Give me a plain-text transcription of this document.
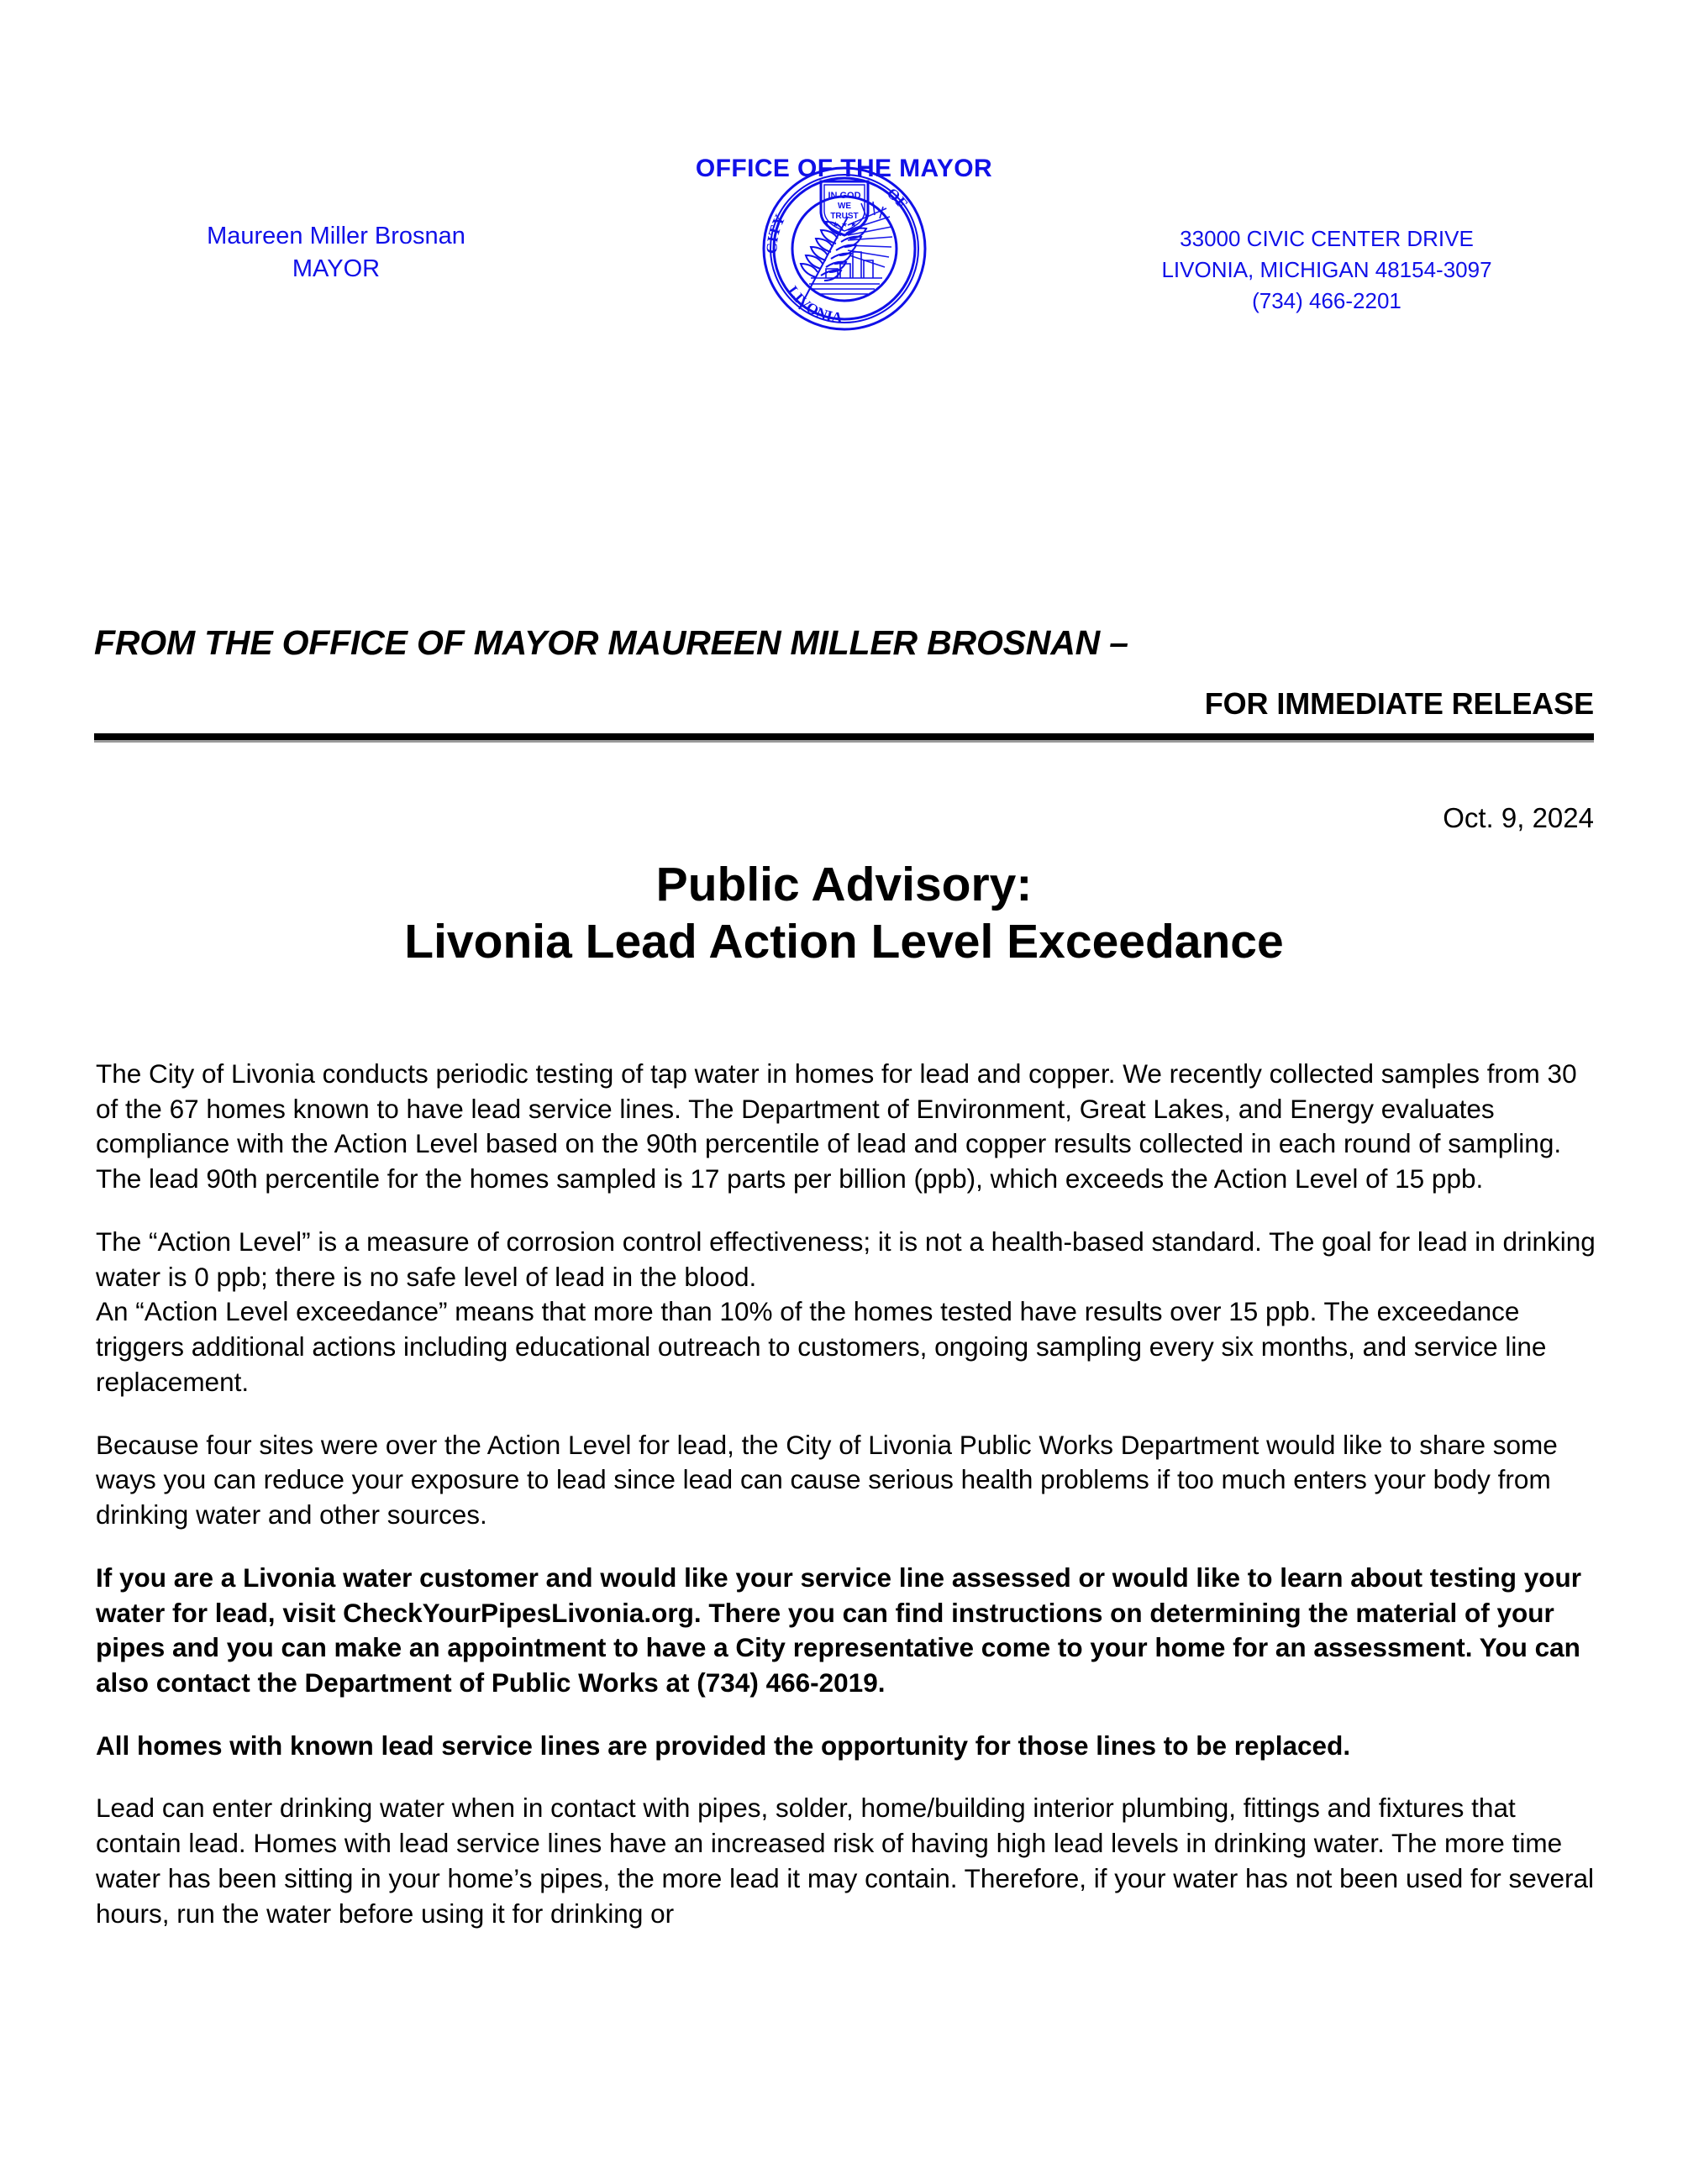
OFFICE OF THE MAYOR
Maureen Miller Brosnan
MAYOR
33000 CIVIC CENTER DRIVE
LIVONIA, MICHIGAN 48154-3097
(734) 466-2201
IN GOD
WE
TRUST
★ ★ ★
CITY
OF
LIVONIA
FROM THE OFFICE OF MAYOR MAUREEN MILLER BROSNAN –
FOR IMMEDIATE RELEASE
Oct. 9, 2024
Public Advisory:
Livonia Lead Action Level Exceedance

The City of Livonia conducts periodic testing of tap water in homes for lead and copper. We recently collected samples from 30 of the 67 homes known to have lead service lines. The Department of Environment, Great Lakes, and Energy evaluates compliance with the Action Level based on the 90th percentile of lead and copper results collected in each round of sampling. The lead 90th percentile for the homes sampled is 17 parts per billion (ppb), which exceeds the Action Level of 15 ppb.

The “Action Level” is a measure of corrosion control effectiveness; it is not a health-based standard. The goal for lead in drinking water is 0 ppb; there is no safe level of lead in the blood.

An “Action Level exceedance” means that more than 10% of the homes tested have results over 15 ppb. The exceedance triggers additional actions including educational outreach to customers, ongoing sampling every six months, and service line replacement.

Because four sites were over the Action Level for lead, the City of Livonia Public Works Department would like to share some ways you can reduce your exposure to lead since lead can cause serious health problems if too much enters your body from drinking water and other sources.

If you are a Livonia water customer and would like your service line assessed or would like to learn about testing your water for lead, visit CheckYourPipesLivonia.org. There you can find instructions on determining the material of your pipes and you can make an appointment to have a City representative come to your home for an assessment. You can also contact the Department of Public Works at (734) 466-2019.

All homes with known lead service lines are provided the opportunity for those lines to be replaced.

Lead can enter drinking water when in contact with pipes, solder, home/building interior plumbing, fittings and fixtures that contain lead. Homes with lead service lines have an increased risk of having high lead levels in drinking water. The more time water has been sitting in your home’s pipes, the more lead it may contain. Therefore, if your water has not been used for several hours, run the water before using it for drinking or
